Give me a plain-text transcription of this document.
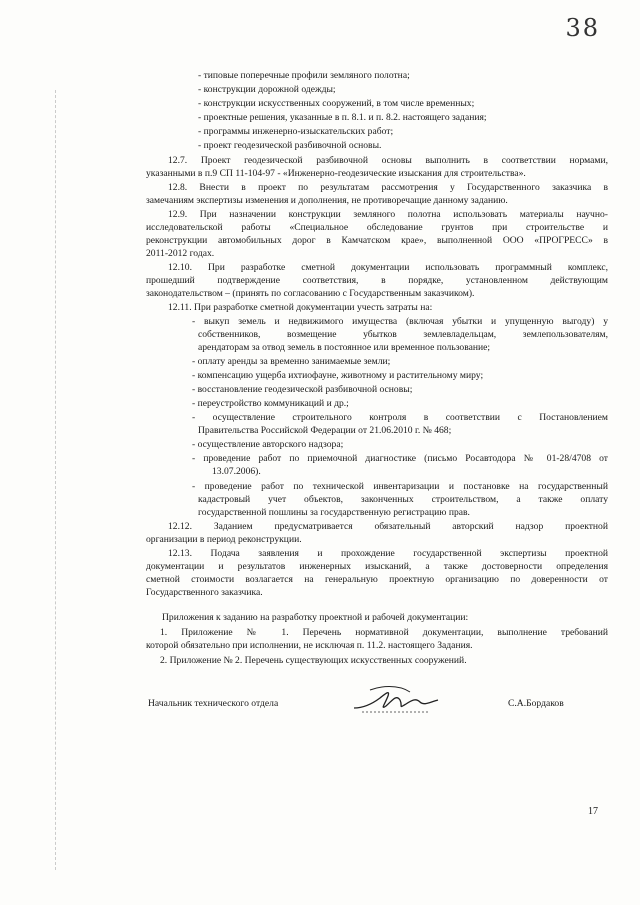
38
- типовые поперечные профили земляного полотна;
- конструкции дорожной одежды;
- конструкции искусственных сооружений, в том числе временных;
- проектные решения, указанные в п. 8.1. и п. 8.2. настоящего задания;
- программы инженерно-изыскательских работ;
- проект геодезической разбивочной основы.
12.7. Проект геодезической разбивочной основы выполнить в соответствии нормами,
указанными в п.9 СП 11-104-97 - «Инженерно-геодезические изыскания для строительства».
12.8. Внести в проект по результатам рассмотрения у Государственного заказчика в
замечаниям экспертизы изменения и дополнения, не противоречащие данному заданию.
12.9. При назначении конструкции земляного полотна использовать материалы научно-
исследовательской работы «Специальное обследование грунтов при строительстве и
реконструкции автомобильных дорог в Камчатском крае», выполненной ООО «ПРОГРЕСС» в
2011-2012 годах.
12.10. При разработке сметной документации использовать программный комплекс,
прошедший подтверждение соответствия, в порядке, установленном действующим
законодательством – (принять по согласованию с Государственным заказчиком).
12.11. При разработке сметной документации учесть затраты на:
- выкуп земель и недвижимого имущества (включая убытки и упущенную выгоду) у
собственников, возмещение убытков землевладельцам, землепользователям,
арендаторам за отвод земель в постоянное или временное пользование;
- оплату аренды за временно занимаемые земли;
- компенсацию ущерба ихтиофауне, животному и растительному миру;
- восстановление геодезической разбивочной основы;
- переустройство коммуникаций и др.;
- осуществление строительного контроля в соответствии с Постановлением
Правительства Российской Федерации от 21.06.2010 г. № 468;
- осуществление авторского надзора;
- проведение работ по приемочной диагностике (письмо Росавтодора № 01-28/4708 от
13.07.2006).
- проведение работ по технической инвентаризации и постановке на государственный
кадастровый учет объектов, законченных строительством, а также оплату
государственной пошлины за государственную регистрацию прав.
12.12. Заданием предусматривается обязательный авторский надзор проектной
организации в период реконструкции.
12.13. Подача заявления и прохождение государственной экспертизы проектной
документации и результатов инженерных изысканий, а также достоверности определения
сметной стоимости возлагается на генеральную проектную организацию по доверенности от
Государственного заказчика.
Приложения к заданию на разработку проектной и рабочей документации:
1. Приложение № 1. Перечень нормативной документации, выполнение требований
которой обязательно при исполнении, не исключая п. 11.2. настоящего Задания.
2. Приложение № 2. Перечень существующих искусственных сооружений.
Начальник технического отдела	С.А.Бордаков
17
